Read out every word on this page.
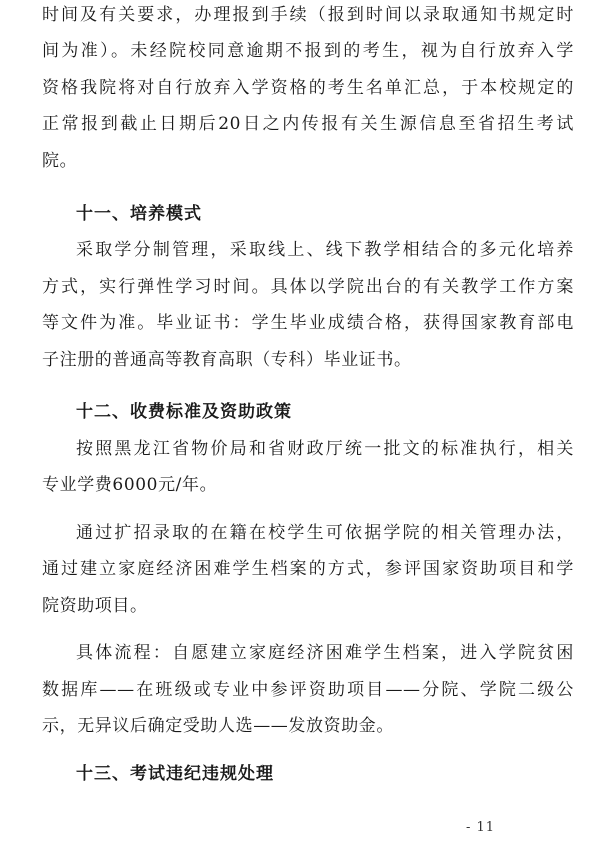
时间及有关要求，办理报到手续（报到时间以录取通知书规定时
间为准）。未经院校同意逾期不报到的考生，视为自行放弃入学
资格我院将对自行放弃入学资格的考生名单汇总，于本校规定的
正常报到截止日期后20日之内传报有关生源信息至省招生考试
院。
十一、培养模式
采取学分制管理，采取线上、线下教学相结合的多元化培养
方式，实行弹性学习时间。具体以学院出台的有关教学工作方案
等文件为准。毕业证书：学生毕业成绩合格，获得国家教育部电
子注册的普通高等教育高职（专科）毕业证书。
十二、收费标准及资助政策
按照黑龙江省物价局和省财政厅统一批文的标准执行，相关
专业学费6000元/年。
通过扩招录取的在籍在校学生可依据学院的相关管理办法，
通过建立家庭经济困难学生档案的方式，参评国家资助项目和学
院资助项目。
具体流程：自愿建立家庭经济困难学生档案，进入学院贫困
数据库——在班级或专业中参评资助项目——分院、学院二级公
示，无异议后确定受助人选——发放资助金。
十三、考试违纪违规处理
- 11
